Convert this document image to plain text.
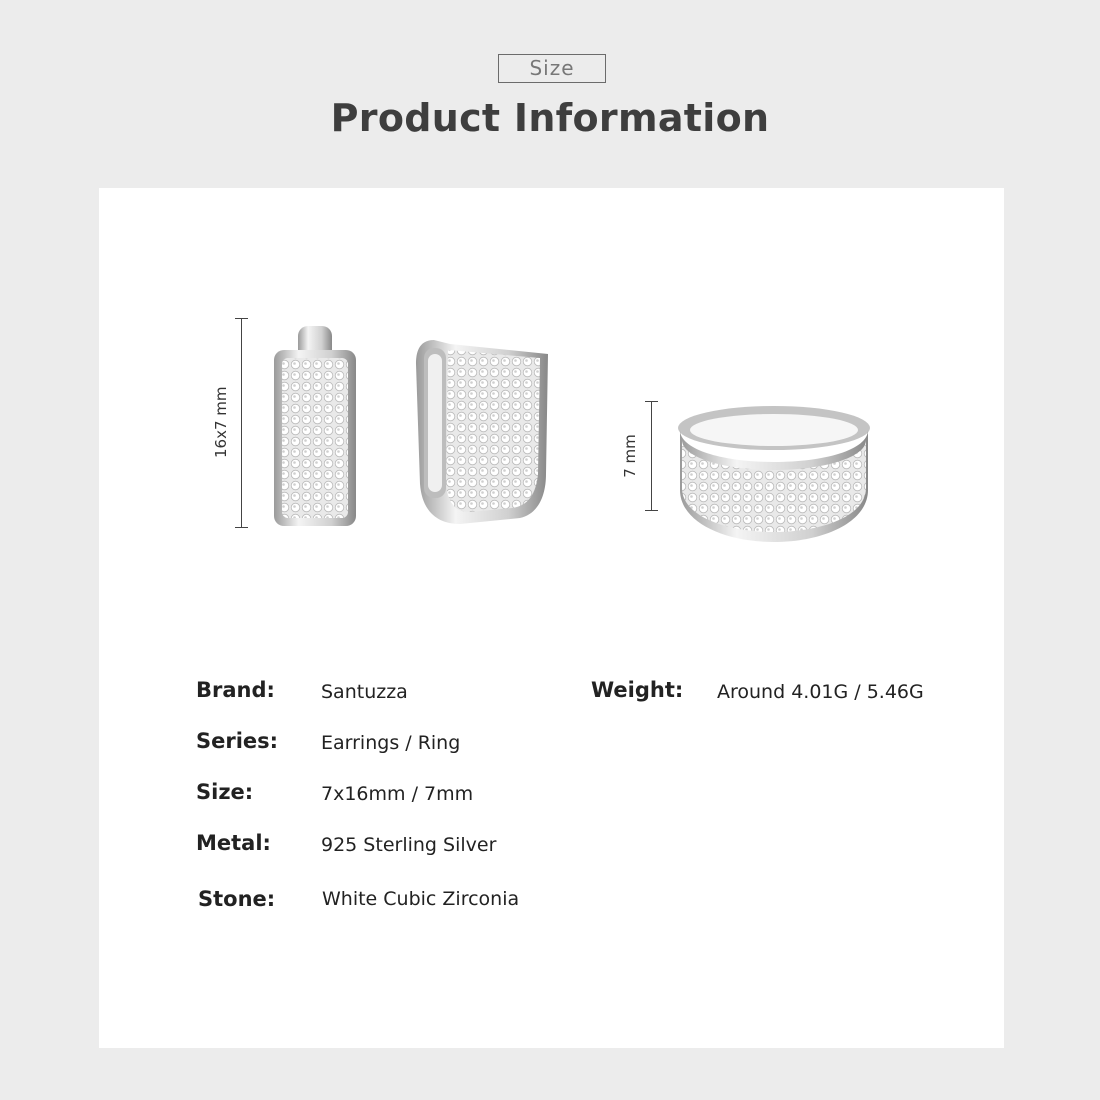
Size
Product Information
16x7 mm	7 mm
Brand: Santuzza	Weight: Around 4.01G / 5.46G
Series: Earrings / Ring
Size:	7x16mm / 7mm
Metal:	925 Sterling Silver
Stone: White Cubic Zirconia
